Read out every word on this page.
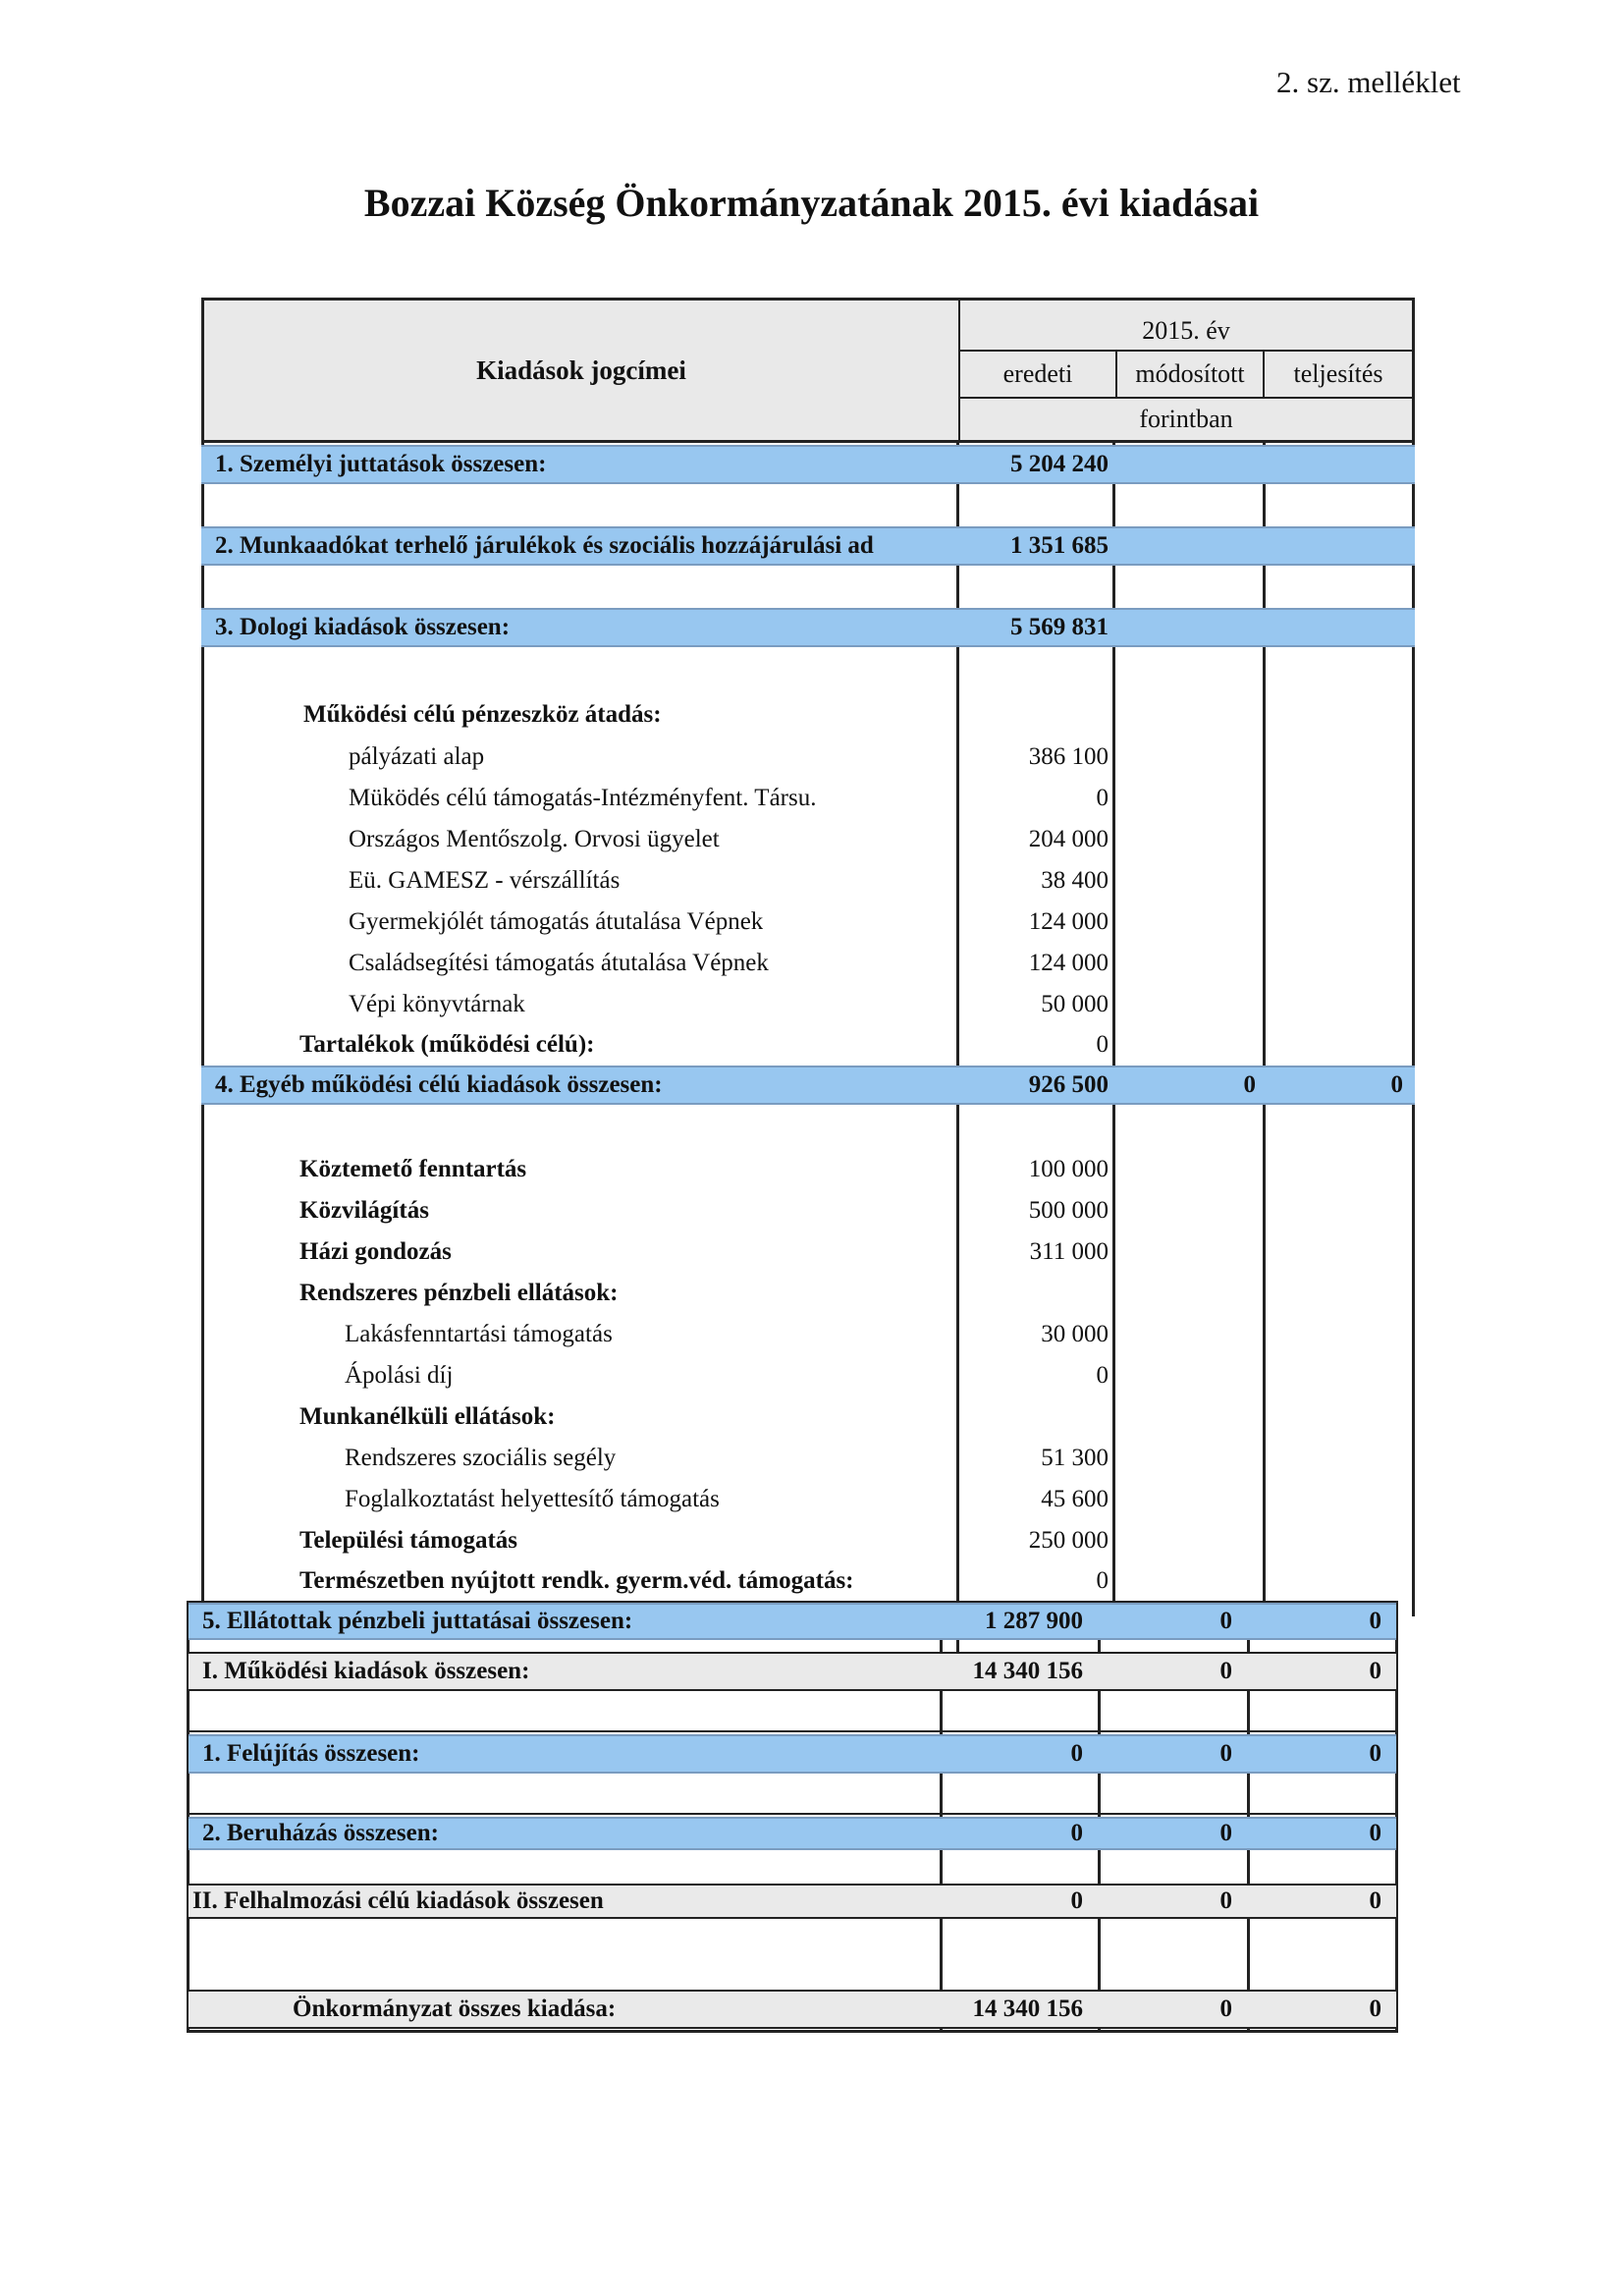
2. sz. melléklet
Bozzai Község Önkormányzatának 2015. évi kiadásai
Kiadások jogcímei
2015. év
eredeti	módosított	teljesítés
forintban
1. Személyi juttatások összesen:	5 204 240
2. Munkaadókat terhelő járulékok és szociális hozzájárulási ad	1 351 685
3. Dologi kiadások összesen:	5 569 831
Működési célú pénzeszköz átadás:
pályázati alap	386 100
Müködés célú támogatás-Intézményfent. Társu.	0
Országos Mentőszolg. Orvosi ügyelet	204 000
Eü. GAMESZ - vérszállítás	38 400
Gyermekjólét támogatás átutalása Vépnek	124 000
Családsegítési támogatás átutalása Vépnek	124 000
Vépi könyvtárnak	50 000
Tartalékok (működési célú):	0
4. Egyéb működési célú kiadások összesen:	926 500	0	0
Köztemető fenntartás	100 000
Közvilágítás	500 000
Házi gondozás	311 000
Rendszeres pénzbeli ellátások:
Lakásfenntartási támogatás	30 000
Ápolási díj	0
Munkanélküli ellátások:
Rendszeres szociális segély	51 300
Foglalkoztatást helyettesítő támogatás	45 600
Települési támogatás	250 000
Természetben nyújtott rendk. gyerm.véd. támogatás:	0
5. Ellátottak pénzbeli juttatásai összesen:	1 287 900	0	0
I. Működési kiadások összesen:	14 340 156	0	0
1. Felújítás összesen:	0	0	0
2. Beruházás összesen:	0	0	0
II. Felhalmozási célú kiadások összesen	0	0	0
Önkormányzat összes kiadása:	14 340 156	0	0
